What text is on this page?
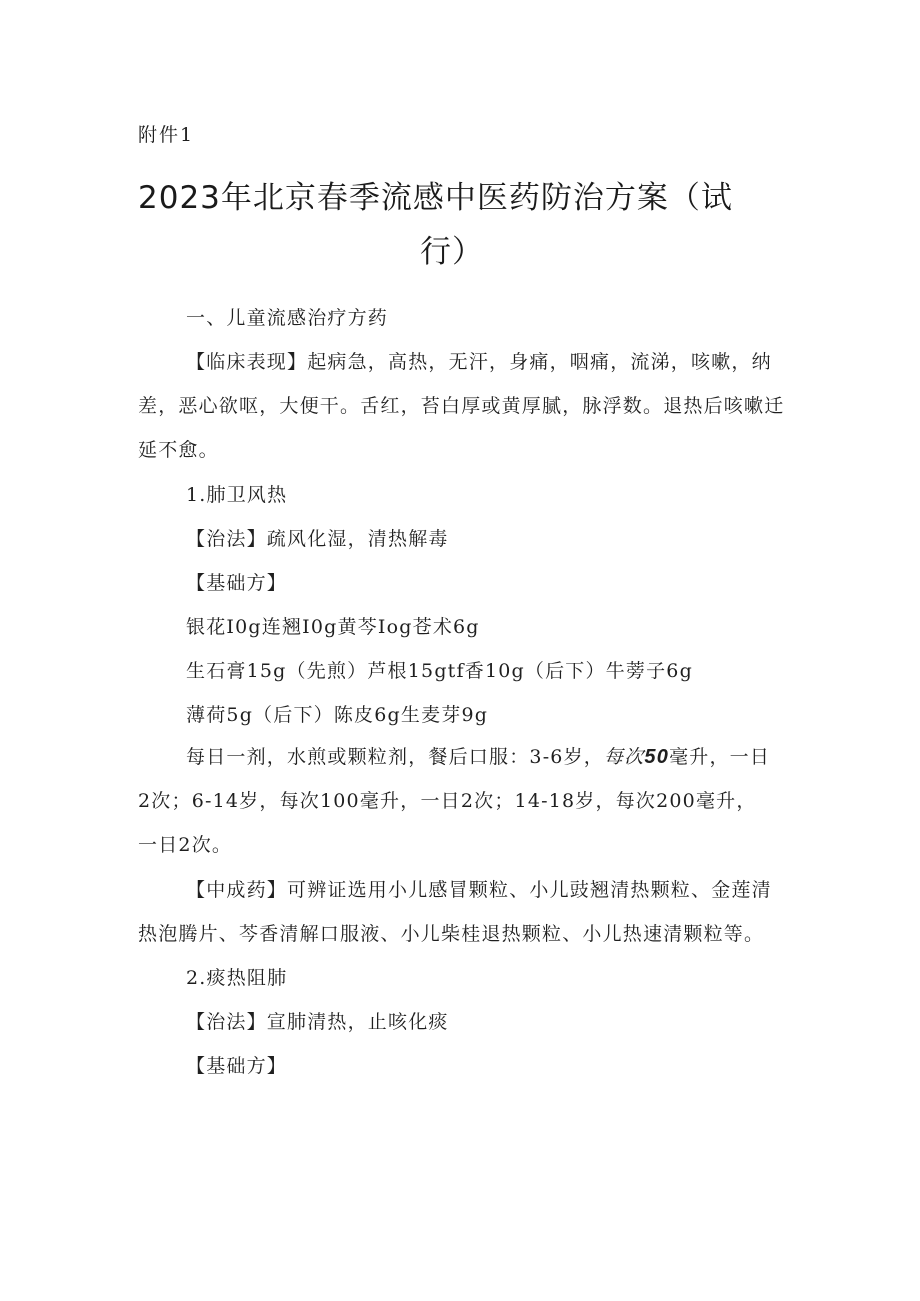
附件1
2023年北京春季流感中医药防治方案（试
行）
一、儿童流感治疗方药
【临床表现】起病急，高热，无汗，身痛，咽痛，流涕，咳嗽，纳
差，恶心欲呕，大便干。舌红，苔白厚或黄厚腻，脉浮数。退热后咳嗽迁
延不愈。
1.肺卫风热
【治法】疏风化湿，清热解毒
【基础方】
银花I0g连翘I0g黄芩Iog苍术6g
生石膏15g（先煎）芦根15gtf香10g（后下）牛蒡子6g
薄荷5g（后下）陈皮6g生麦芽9g
每日一剂，水煎或颗粒剂，餐后口服：3-6岁，每次50毫升，一日
2次；6-14岁，每次100毫升，一日2次；14-18岁，每次200毫升，
一日2次。
【中成药】可辨证选用小儿感冒颗粒、小儿豉翘清热颗粒、金莲清
热泡腾片、芩香清解口服液、小儿柴桂退热颗粒、小儿热速清颗粒等。
2.痰热阻肺
【治法】宣肺清热，止咳化痰
【基础方】
